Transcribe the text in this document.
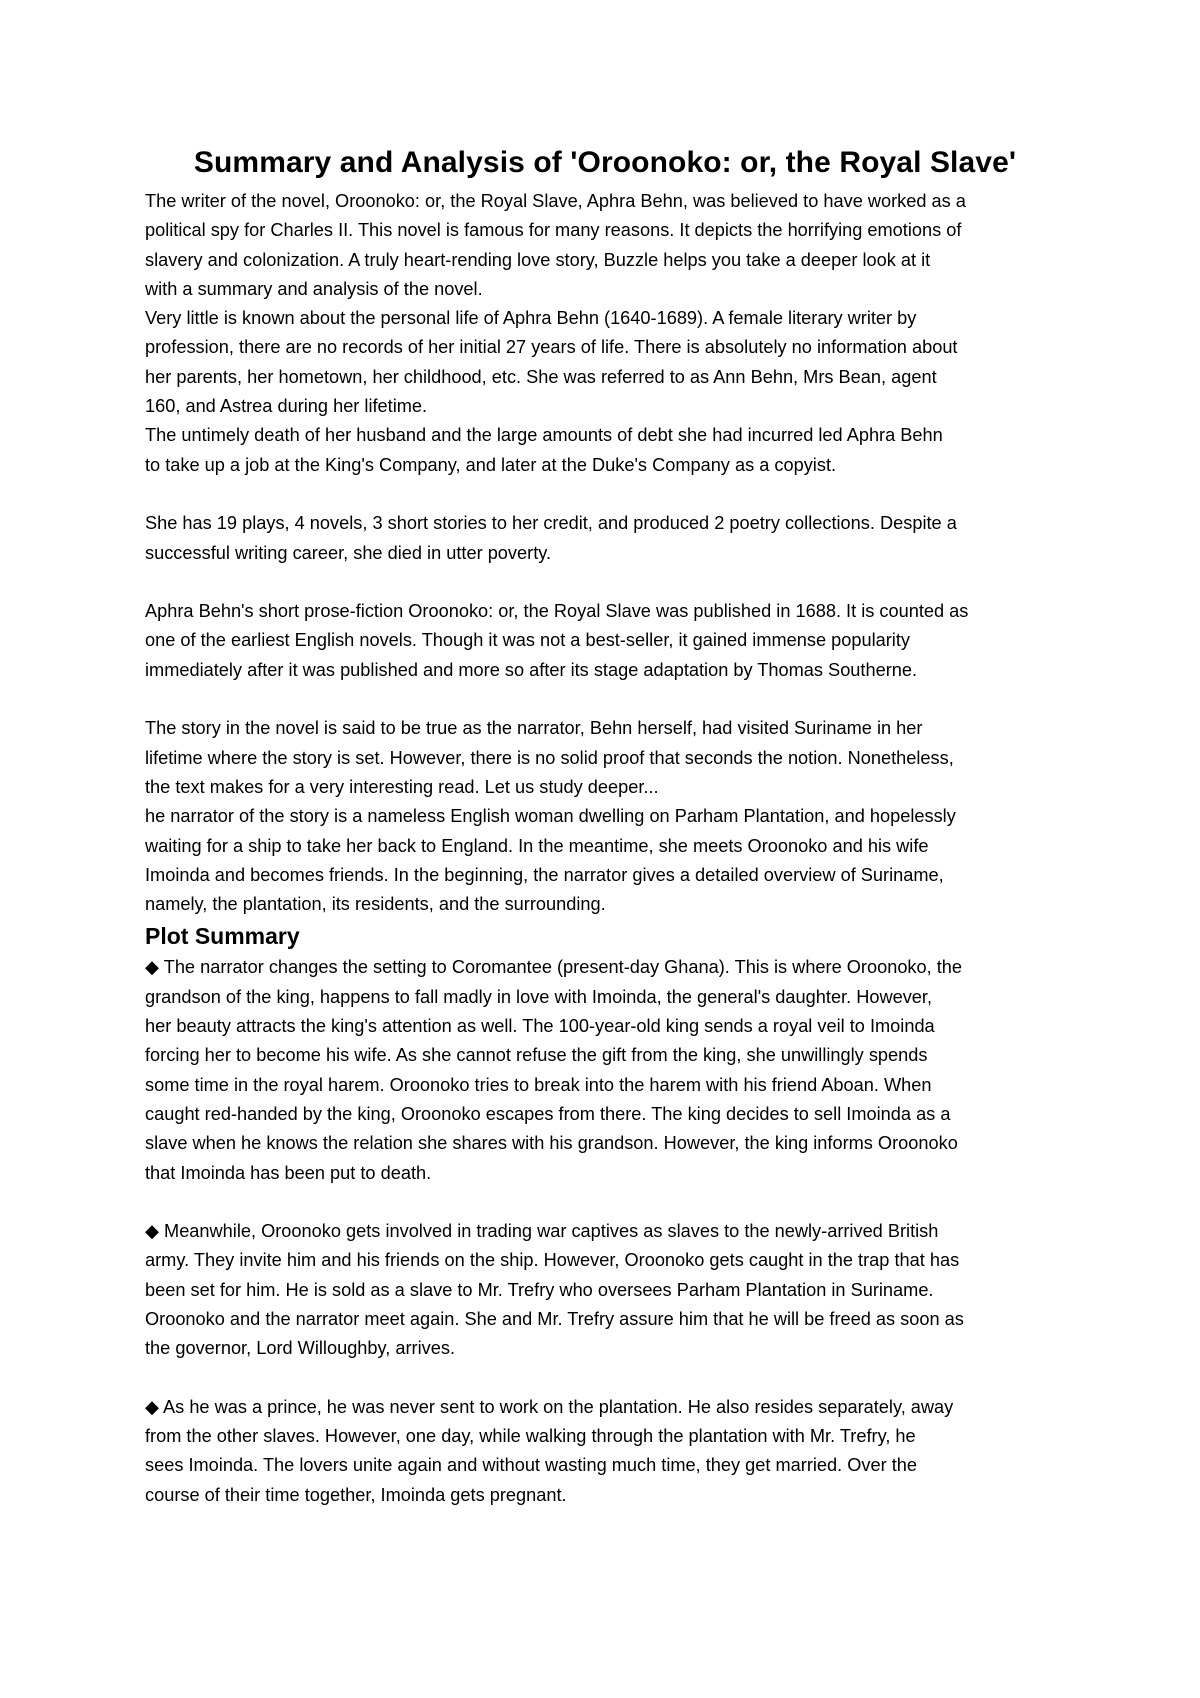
Summary and Analysis of 'Oroonoko: or, the Royal Slave'

The writer of the novel, Oroonoko: or, the Royal Slave, Aphra Behn, was believed to have worked as a

political spy for Charles II. This novel is famous for many reasons. It depicts the horrifying emotions of

slavery and colonization. A truly heart-rending love story, Buzzle helps you take a deeper look at it

with a summary and analysis of the novel.

Very little is known about the personal life of Aphra Behn (1640-1689). A female literary writer by

profession, there are no records of her initial 27 years of life. There is absolutely no information about

her parents, her hometown, her childhood, etc. She was referred to as Ann Behn, Mrs Bean, agent

160, and Astrea during her lifetime.

The untimely death of her husband and the large amounts of debt she had incurred led Aphra Behn

to take up a job at the King's Company, and later at the Duke's Company as a copyist.

She has 19 plays, 4 novels, 3 short stories to her credit, and produced 2 poetry collections. Despite a

successful writing career, she died in utter poverty.

Aphra Behn's short prose-fiction Oroonoko: or, the Royal Slave was published in 1688. It is counted as

one of the earliest English novels. Though it was not a best-seller, it gained immense popularity

immediately after it was published and more so after its stage adaptation by Thomas Southerne.

The story in the novel is said to be true as the narrator, Behn herself, had visited Suriname in her

lifetime where the story is set. However, there is no solid proof that seconds the notion. Nonetheless,

the text makes for a very interesting read. Let us study deeper...

he narrator of the story is a nameless English woman dwelling on Parham Plantation, and hopelessly

waiting for a ship to take her back to England. In the meantime, she meets Oroonoko and his wife

Imoinda and becomes friends. In the beginning, the narrator gives a detailed overview of Suriname,

namely, the plantation, its residents, and the surrounding.

Plot Summary

◆ The narrator changes the setting to Coromantee (present-day Ghana). This is where Oroonoko, the

grandson of the king, happens to fall madly in love with Imoinda, the general's daughter. However,

her beauty attracts the king's attention as well. The 100-year-old king sends a royal veil to Imoinda

forcing her to become his wife. As she cannot refuse the gift from the king, she unwillingly spends

some time in the royal harem. Oroonoko tries to break into the harem with his friend Aboan. When

caught red-handed by the king, Oroonoko escapes from there. The king decides to sell Imoinda as a

slave when he knows the relation she shares with his grandson. However, the king informs Oroonoko

that Imoinda has been put to death.

◆ Meanwhile, Oroonoko gets involved in trading war captives as slaves to the newly-arrived British

army. They invite him and his friends on the ship. However, Oroonoko gets caught in the trap that has

been set for him. He is sold as a slave to Mr. Trefry who oversees Parham Plantation in Suriname.

Oroonoko and the narrator meet again. She and Mr. Trefry assure him that he will be freed as soon as

the governor, Lord Willoughby, arrives.

◆ As he was a prince, he was never sent to work on the plantation. He also resides separately, away

from the other slaves. However, one day, while walking through the plantation with Mr. Trefry, he

sees Imoinda. The lovers unite again and without wasting much time, they get married. Over the

course of their time together, Imoinda gets pregnant.
